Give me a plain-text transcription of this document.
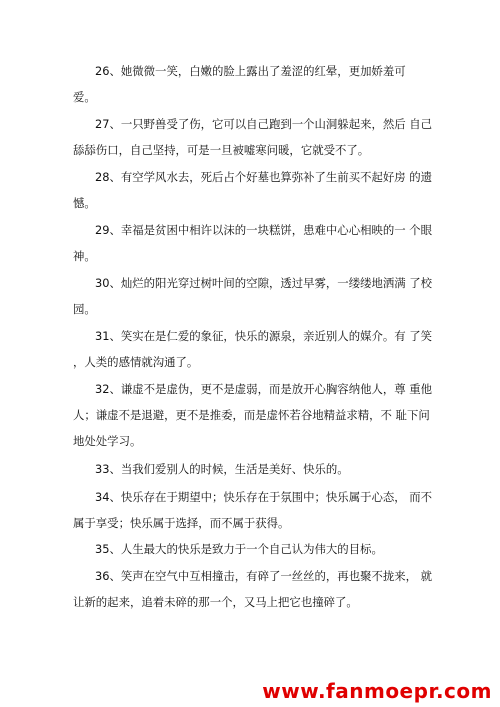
26、她微微一笑，白嫩的脸上露出了羞涩的红晕，更加娇羞可
爱。
27、一只野兽受了伤，它可以自己跑到一个山洞躲起来，然后 自己
舔舔伤口，自己坚持，可是一旦被嘘寒问暖，它就受不了。
28、有空学风水去，死后占个好墓也算弥补了生前买不起好房 的遗
憾。
29、幸福是贫困中相许以沫的一块糕饼，患难中心心相映的一 个眼
神。
30、灿烂的阳光穿过树叶间的空隙，透过早雾，一缕缕地洒满 了校
园。
31、笑实在是仁爱的象征，快乐的源泉，亲近别人的媒介。有 了笑
，人类的感情就沟通了。
32、谦虚不是虚伪，更不是虚弱，而是放开心胸容纳他人，尊 重他
人；谦虚不是退避，更不是推委，而是虚怀若谷地精益求精，不 耻下问
地处处学习。
33、当我们爱别人的时候，生活是美好、快乐的。
34、快乐存在于期望中；快乐存在于氛围中；快乐属于心态， 而不
属于享受；快乐属于选择，而不属于获得。
35、人生最大的快乐是致力于一个自己认为伟大的目标。
36、笑声在空气中互相撞击，有碎了一丝丝的，再也聚不拢来， 就
让新的起来，追着未碎的那一个，又马上把它也撞碎了。
www.fanmoepr.com
